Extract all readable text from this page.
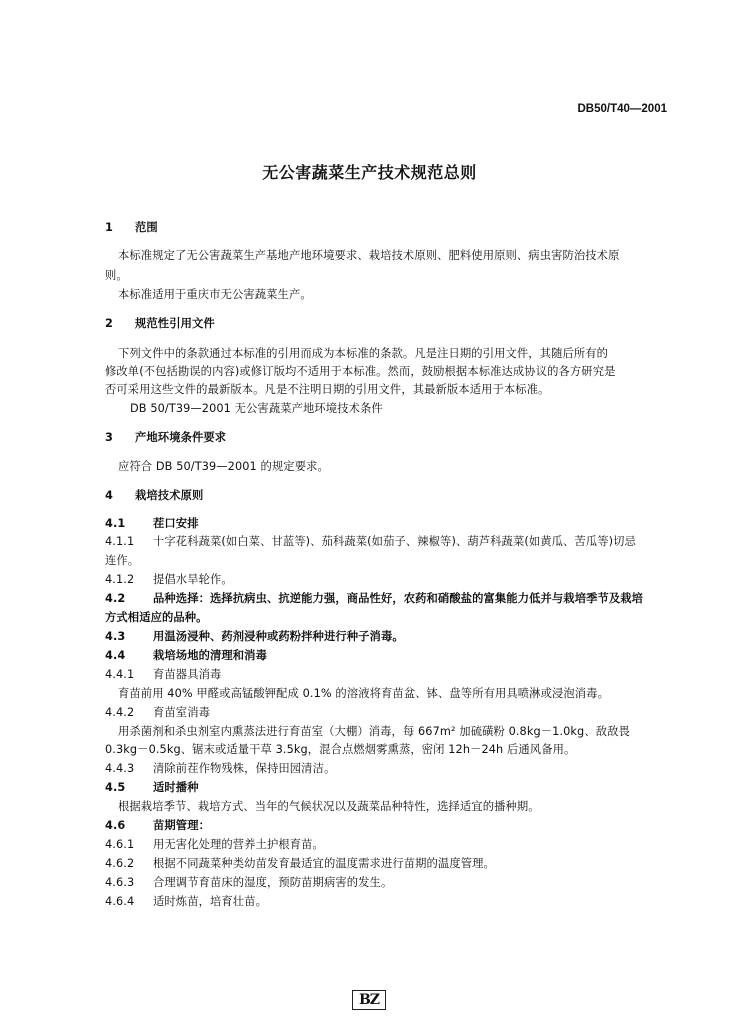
DB50/T40—2001
无公害蔬菜生产技术规范总则
1 范围
本标准规定了无公害蔬菜生产基地产地环境要求、栽培技术原则、肥料使用原则、病虫害防治技术原
则。
本标准适用于重庆市无公害蔬菜生产。
2 规范性引用文件
下列文件中的条款通过本标准的引用而成为本标准的条款。凡是注日期的引用文件，其随后所有的
修改单(不包括勘误的内容)或修订版均不适用于本标准。然而，鼓励根据本标准达成协议的各方研究是
否可采用这些文件的最新版本。凡是不注明日期的引用文件，其最新版本适用于本标准。
DB 50/T39—2001 无公害蔬菜产地环境技术条件
3 产地环境条件要求
应符合 DB 50/T39—2001 的规定要求。
4 栽培技术原则
4.1 茬口安排
4.1.1 十字花科蔬菜(如白菜、甘蓝等)、茄科蔬菜(如茄子、辣椒等)、葫芦科蔬菜(如黄瓜、苦瓜等)切忌
连作。
4.1.2 提倡水旱轮作。
4.2 品种选择：选择抗病虫、抗逆能力强，商品性好，农药和硝酸盐的富集能力低并与栽培季节及栽培
方式相适应的品种。
4.3 用温汤浸种、药剂浸种或药粉拌种进行种子消毒。
4.4 栽培场地的清理和消毒
4.4.1 育苗器具消毒
育苗前用 40% 甲醛或高锰酸钾配成 0.1% 的溶液将育苗盆、钵、盘等所有用具喷淋或浸泡消毒。
4.4.2 育苗室消毒
用杀菌剂和杀虫剂室内熏蒸法进行育苗室（大棚）消毒，每 667m² 加硫磺粉 0.8kg－1.0kg、敌敌畏
0.3kg－0.5kg、锯末或适量干草 3.5kg，混合点燃烟雾熏蒸，密闭 12h－24h 后通风备用。
4.4.3 清除前茬作物残株，保持田园清洁。
4.5 适时播种
根据栽培季节、栽培方式、当年的气候状况以及蔬菜品种特性，选择适宜的播种期。
4.6 苗期管理：
4.6.1 用无害化处理的营养土护根育苗。
4.6.2 根据不同蔬菜种类幼苗发育最适宜的温度需求进行苗期的温度管理。
4.6.3 合理调节育苗床的湿度，预防苗期病害的发生。
4.6.4 适时炼苗，培育壮苗。
BZ
